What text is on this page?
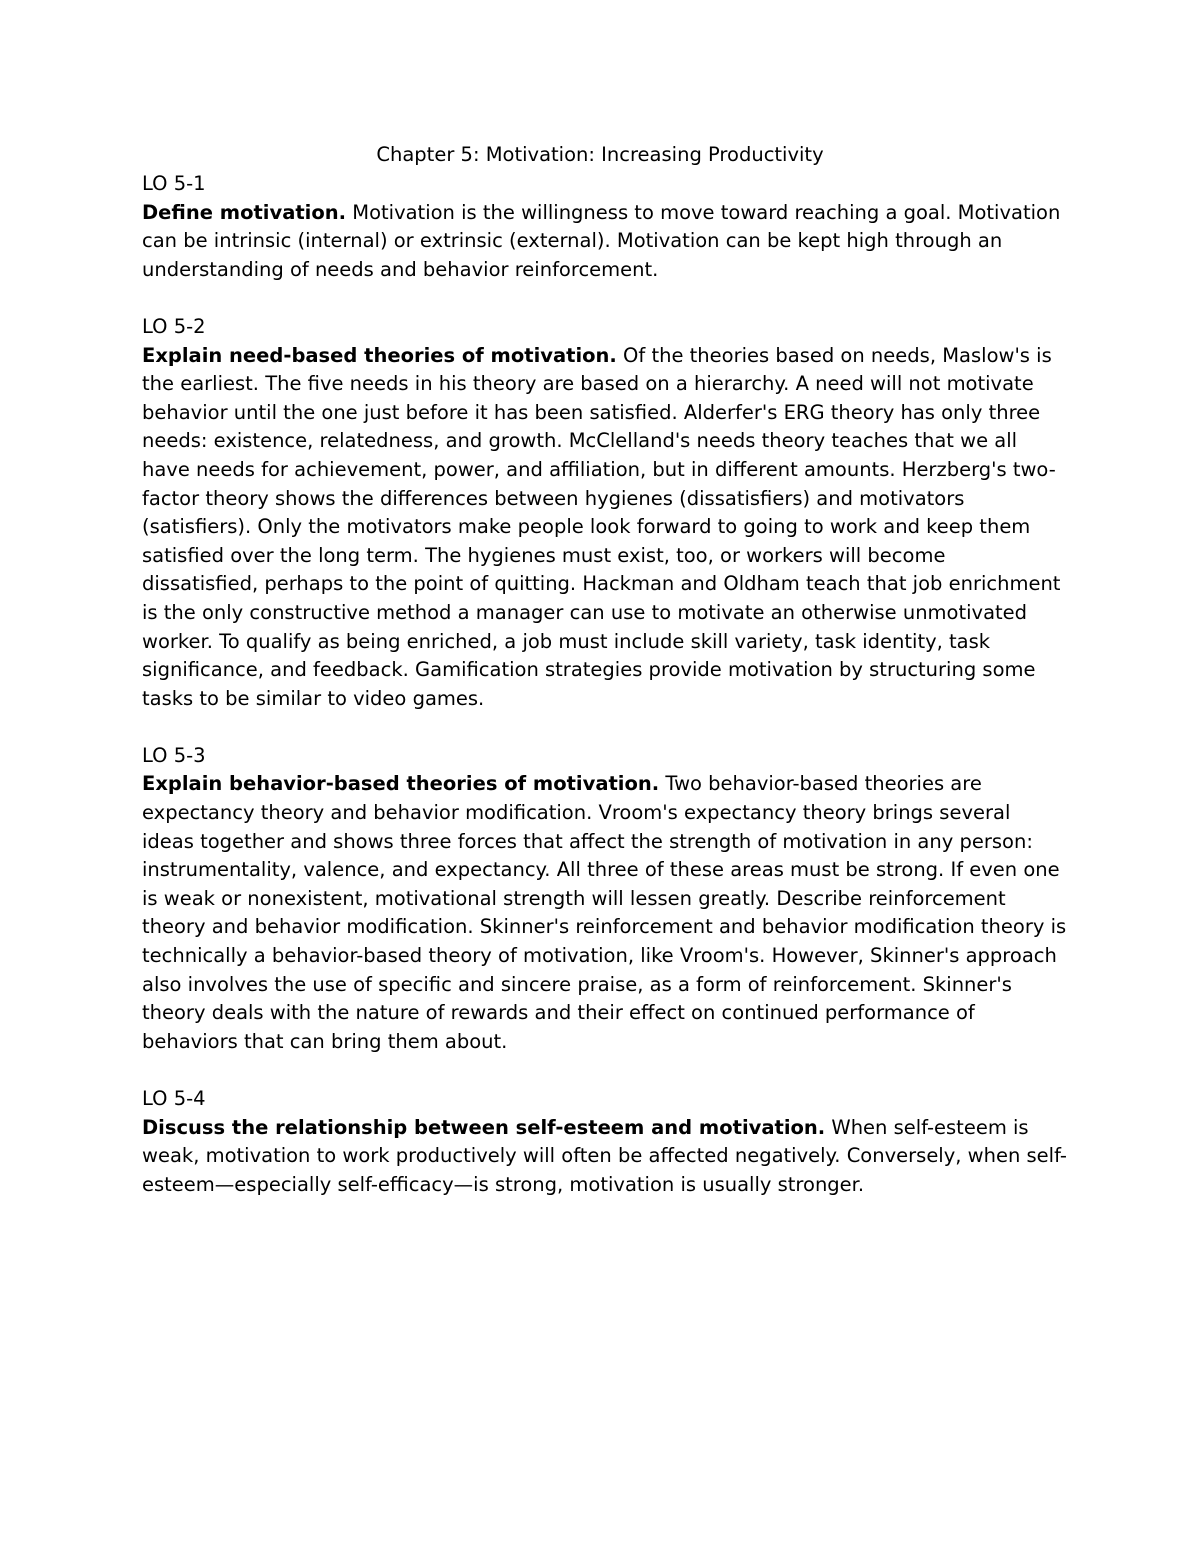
Chapter 5: Motivation: Increasing Productivity
LO 5-1

Define motivation. Motivation is the willingness to move toward reaching a goal. Motivation can be intrinsic (internal) or extrinsic (external). Motivation can be kept high through an understanding of needs and behavior reinforcement.

LO 5-2

Explain need-based theories of motivation. Of the theories based on needs, Maslow's is the earliest. The five needs in his theory are based on a hierarchy. A need will not motivate behavior until the one just before it has been satisfied. Alderfer's ERG theory has only three needs: existence, relatedness, and growth. McClelland's needs theory teaches that we all have needs for achievement, power, and affiliation, but in different amounts. Herzberg's two-factor theory shows the differences between hygienes (dissatisfiers) and motivators (satisfiers). Only the motivators make people look forward to going to work and keep them satisfied over the long term. The hygienes must exist, too, or workers will become dissatisfied, perhaps to the point of quitting. Hackman and Oldham teach that job enrichment is the only constructive method a manager can use to motivate an otherwise unmotivated worker. To qualify as being enriched, a job must include skill variety, task identity, task significance, and feedback. Gamification strategies provide motivation by structuring some tasks to be similar to video games.

LO 5-3

Explain behavior-based theories of motivation. Two behavior-based theories are expectancy theory and behavior modification. Vroom's expectancy theory brings several ideas together and shows three forces that affect the strength of motivation in any person: instrumentality, valence, and expectancy. All three of these areas must be strong. If even one is weak or nonexistent, motivational strength will lessen greatly. Describe reinforcement theory and behavior modification. Skinner's reinforcement and behavior modification theory is technically a behavior-based theory of motivation, like Vroom's. However, Skinner's approach also involves the use of specific and sincere praise, as a form of reinforcement. Skinner's theory deals with the nature of rewards and their effect on continued performance of behaviors that can bring them about.

LO 5-4

Discuss the relationship between self-esteem and motivation. When self-esteem is weak, motivation to work productively will often be affected negatively. Conversely, when self-esteem—especially self-efficacy—is strong, motivation is usually stronger.
